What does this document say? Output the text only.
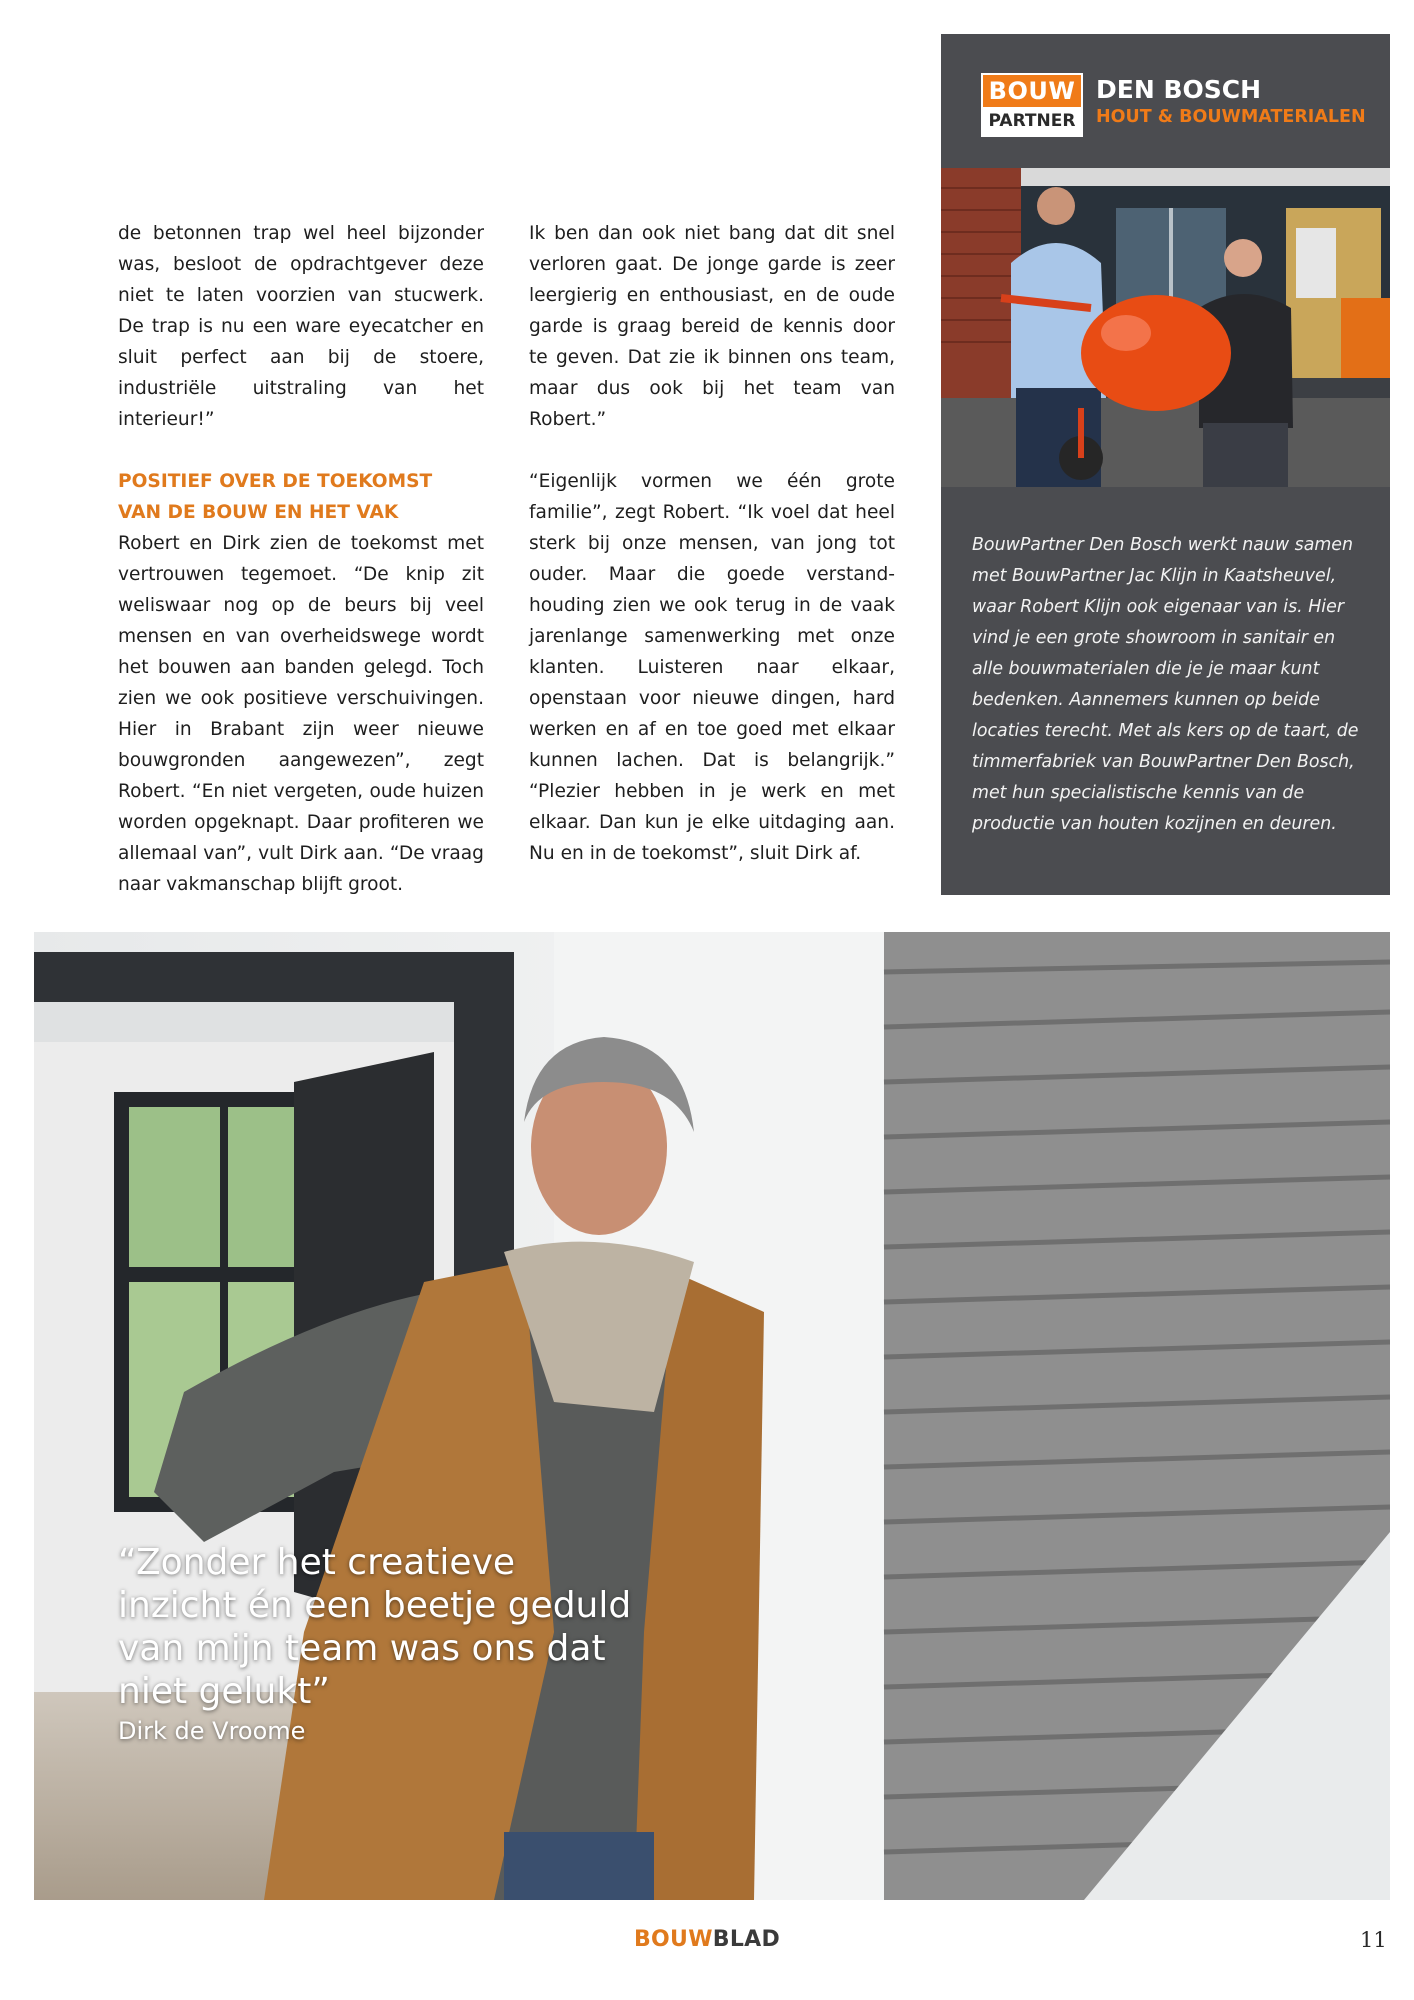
de betonnen trap wel heel bijzonder was, besloot de opdrachtgever deze niet te laten voorzien van stucwerk. De trap is nu een ware eyecatcher en sluit perfect aan bij de stoere, industriële uitstraling van het interieur!”

POSITIEF OVER DE TOEKOMST
VAN DE BOUW EN HET VAK

Robert en Dirk zien de toekomst met vertrouwen tegemoet. “De knip zit weliswaar nog op de beurs bij veel mensen en van overheidswege wordt het bouwen aan banden gelegd. Toch zien we ook positieve verschuivingen. Hier in Brabant zijn weer nieuwe bouwgronden aangewezen”, zegt Robert. “En niet vergeten, oude huizen worden opgeknapt. Daar profiteren we allemaal van”, vult Dirk aan. “De vraag naar vakmanschap blijft groot.

Ik ben dan ook niet bang dat dit snel verloren gaat. De jonge garde is zeer leergierig en enthousiast, en de oude garde is graag bereid de kennis door te geven. Dat zie ik binnen ons team, maar dus ook bij het team van Robert.”

“Eigenlijk vormen we één grote familie”, zegt Robert. “Ik voel dat heel sterk bij onze mensen, van jong tot ouder. Maar die goede verstandhouding zien we ook terug in de vaak jarenlange samenwerking met onze klanten. Luisteren naar elkaar, openstaan voor nieuwe dingen, hard werken en af en toe goed met elkaar kunnen lachen. Dat is belangrijk.” “Plezier hebben in je werk en met elkaar. Dan kun je elke uitdaging aan. Nu en in de toekomst”, sluit Dirk af.

BOUW
PARTNER
DEN BOSCH
HOUT & BOUWMATERIALEN
BouwPartner Den Bosch werkt nauw samen met BouwPartner Jac Klijn in Kaatsheuvel, waar Robert Klijn ook eigenaar van is. Hier vind je een grote showroom in sanitair en alle bouwmaterialen die je je maar kunt bedenken. Aannemers kunnen op beide locaties terecht. Met als kers op de taart, de timmerfabriek van BouwPartner Den Bosch, met hun specialistische kennis van de productie van houten kozijnen en deuren.

“Zonder het creatieve inzicht én een beetje geduld van mijn team was ons dat niet gelukt”

Dirk de Vroome
BOUWBLAD	11
